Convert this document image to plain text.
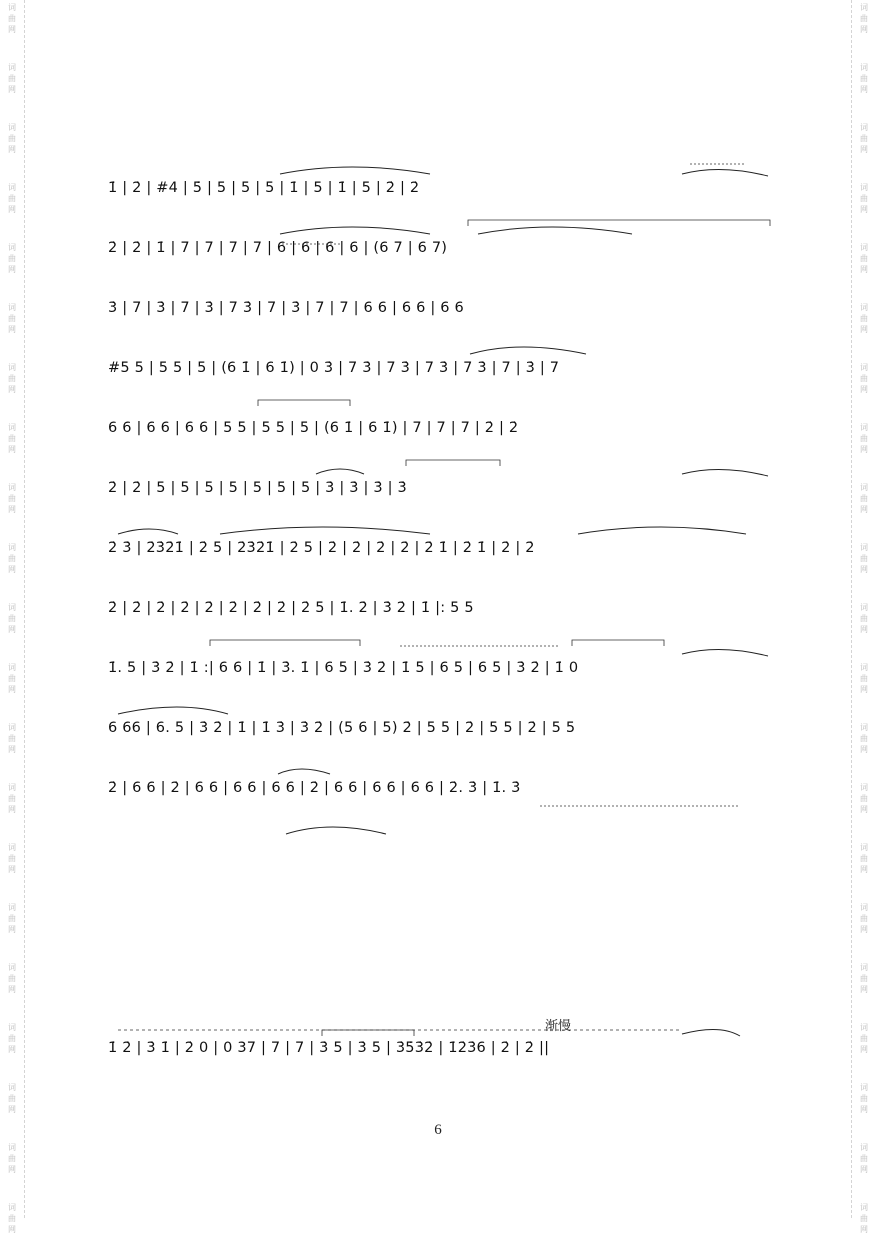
词
曲
网
词
曲
网
词
曲
网
词
曲
网
词
曲
网
词
曲
网
词
曲
网
词
曲
网
词
曲
网
词
曲
网
词
曲
网
词
曲
网
词
曲
网
词
曲
网
词
曲
网
词
曲
网
词
曲
网
词
曲
网
词
曲
网
词
曲
网
词
曲
网
词
曲
网
词
曲
网
词
曲
网
词
曲
网
词
曲
网
词
曲
网
词
曲
网
词
曲
网
词
曲
网
词
曲
网
词
曲
网
词
曲
网
词
曲
网
词
曲
网
词
曲
网
词
曲
网
词
曲
网
词
曲
网
词
曲
网
词
曲
网
词
曲
网
1̇ | 2̇ | #4 | 5̇ | 5 | 5 | 5 | 1̇ | 5 | 1̇ | 5 | 2̇ | 2̇
2̇ | 2̇ | 1̇ | 7 | 7 | 7 | 7 | 6 | 6 | 6 | 6 | (6 7 | 6 7)
3̇ | 7 | 3̇ | 7 | 3̇ | 7 3̇ | 7 | 3̇ | 7 | 7 | 6 6 | 6 6 | 6 6
#5 5 | 5 5 | 5 | (6 1̇ | 6 1̇) | 0 3̇ | 7 3̇ | 7 3̇ | 7 3̇ | 7 3̇ | 7 | 3̇ | 7
6 6 | 6 6 | 6 6 | 5 5 | 5 5 | 5 | (6 1̇ | 6 1̇) | 7 | 7 | 7 | 2̇ | 2̇
2̇ | 2̇ | 5 | 5 | 5 | 5 | 5 | 5 | 5 | 3̇ | 3̇ | 3̇ | 3̇
2̇ 3̇ | 2̇3̇2̇1̇ | 2̇ 5 | 2̇3̇2̇1̇ | 2̇ 5 | 2̇ | 2̇ | 2̇ | 2̇ | 2̇ 1̇ | 2̇ 1̇ | 2̇ | 2̇
2̇ | 2̇ | 2̇ | 2̇ | 2̇ | 2̇ | 2̇ | 2̇ | 2̇ 5 | 1̇. 2̇ | 3̇ 2̇ | 1̇ |: 5 5
1̇. 5 | 3̇ 2̇ | 1̇ :| 6 6 | 1̇ | 3̇. 1̇ | 6 5 | 3̇ 2̇ | 1̇ 5 | 6 5 | 6 5 | 3̇ 2̇ | 1̇ 0
6 66 | 6. 5 | 3̇ 2̇ | 1̇ | 1̇ 3̇ | 3̇ 2̇ | (5 6 | 5) 2̇ | 5 5 | 2̇ | 5 5 | 2̇ | 5 5
2̇ | 6 6 | 2̇ | 6 6 | 6 6 | 6 6 | 2̇ | 6 6 | 6 6 | 6 6 | 2̇. 3̇ | 1̇. 3̇
1̇ 2̇ | 3̇ 1̇ | 2̇ 0 | 0 37 | 7 | 7 | 3̇ 5 | 3̇ 5 | 3̇5̇3̇2̇ | 1̇2̇3̇6 | 2̇ | 2̇ ||
渐慢
6
